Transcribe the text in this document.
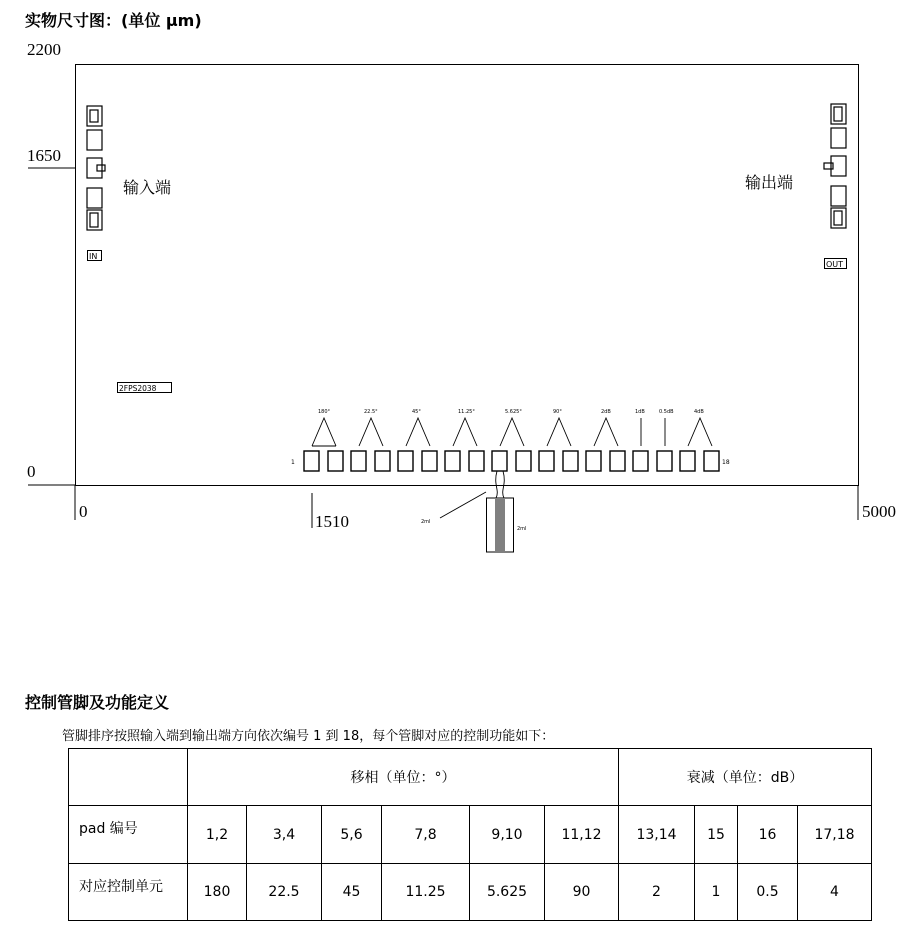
实物尺寸图：(单位 μm)
2200
1650
0
0
1510
5000
输入端	输出端
IN
OUT
2FPS2038
1	18
180°	22.5°	45°	11.25°	5.625°	90°	2dB	1dB	0.5dB	4dB
2ml
2ml
控制管脚及功能定义
管脚排序按照输入端到输出端方向依次编号 1 到 18，每个管脚对应的控制功能如下：
	移相（单位：°）						衰减（单位：dB）			
pad 编号	1,2	3,4	5,6	7,8	9,10	11,12	13,14	15	16	17,18
对应控制单元	180	22.5	45	11.25	5.625	90	2	1	0.5	4
